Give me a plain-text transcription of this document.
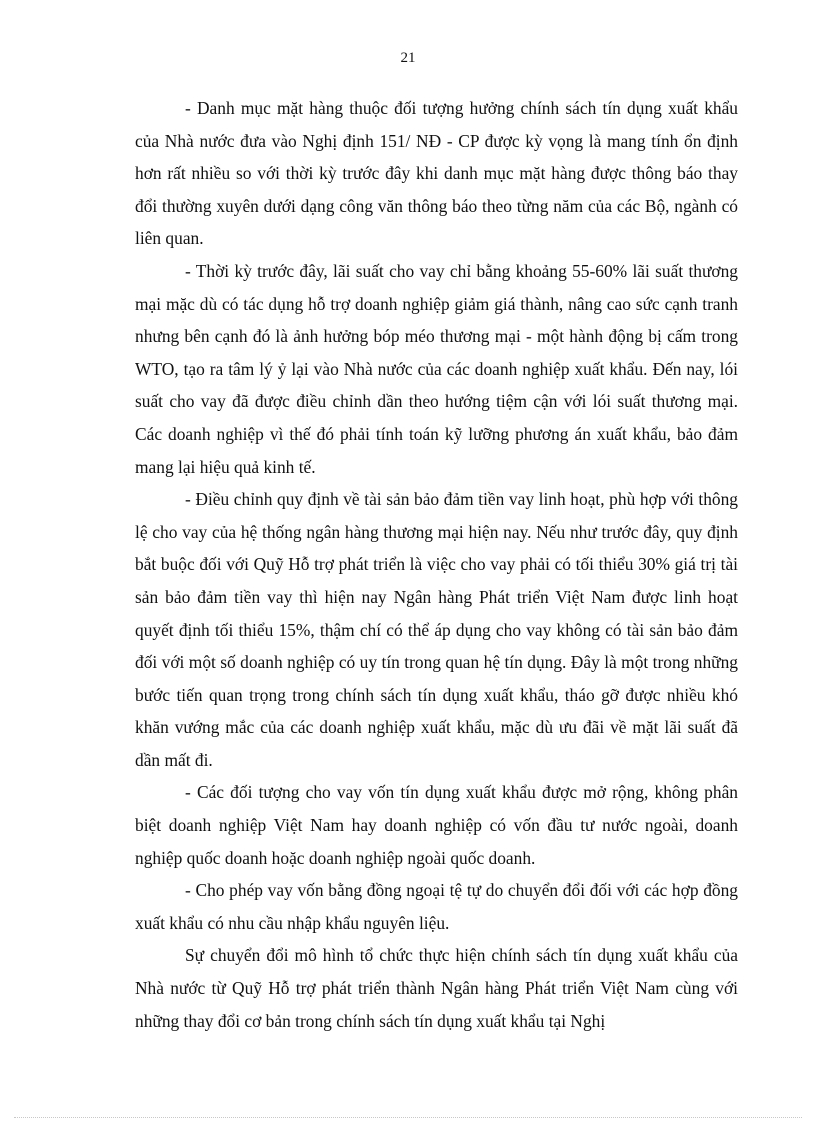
21

- Danh mục mặt hàng thuộc đối tượng hưởng chính sách tín dụng xuất khẩu của Nhà nước đưa vào Nghị định 151/ NĐ - CP được kỳ vọng là mang tính ổn định hơn rất nhiều so với thời kỳ trước đây khi danh mục mặt hàng được thông báo thay đổi thường xuyên dưới dạng công văn thông báo theo từng năm của các Bộ, ngành có liên quan.

- Thời kỳ trước đây, lãi suất cho vay chỉ bằng khoảng 55-60% lãi suất thương mại mặc dù có tác dụng hỗ trợ doanh nghiệp giảm giá thành, nâng cao sức cạnh tranh nhưng bên cạnh đó là ảnh hưởng bóp méo thương mại - một hành động bị cấm trong WTO, tạo ra tâm lý ỷ lại vào Nhà nước của các doanh nghiệp xuất khẩu. Đến nay, lói suất cho vay đã được điều chỉnh dần theo hướng tiệm cận với lói suất thương mại. Các doanh nghiệp vì thế đó phải tính toán kỹ lưỡng phương án xuất khẩu, bảo đảm mang lại hiệu quả kinh tế.

- Điều chỉnh quy định về tài sản bảo đảm tiền vay linh hoạt, phù hợp với thông lệ cho vay của hệ thống ngân hàng thương mại hiện nay. Nếu như trước đây, quy định bắt buộc đối với Quỹ Hỗ trợ phát triển là việc cho vay phải có tối thiểu 30% giá trị tài sản bảo đảm tiền vay thì hiện nay Ngân hàng Phát triển Việt Nam được linh hoạt quyết định tối thiểu 15%, thậm chí có thể áp dụng cho vay không có tài sản bảo đảm đối với một số doanh nghiệp có uy tín trong quan hệ tín dụng. Đây là một trong những bước tiến quan trọng trong chính sách tín dụng xuất khẩu, tháo gỡ được nhiều khó khăn vướng mắc của các doanh nghiệp xuất khẩu, mặc dù ưu đãi về mặt lãi suất đã dần mất đi.

- Các đối tượng cho vay vốn tín dụng xuất khẩu được mở rộng, không phân biệt doanh nghiệp Việt Nam hay doanh nghiệp có vốn đầu tư nước ngoài, doanh nghiệp quốc doanh hoặc doanh nghiệp ngoài quốc doanh.

- Cho phép vay vốn bằng đồng ngoại tệ tự do chuyển đổi đối với các hợp đồng xuất khẩu có nhu cầu nhập khẩu nguyên liệu.

Sự chuyển đổi mô hình tổ chức thực hiện chính sách tín dụng xuất khẩu của Nhà nước từ Quỹ Hỗ trợ phát triển thành Ngân hàng Phát triển Việt Nam cùng với những thay đổi cơ bản trong chính sách tín dụng xuất khẩu tại Nghị
